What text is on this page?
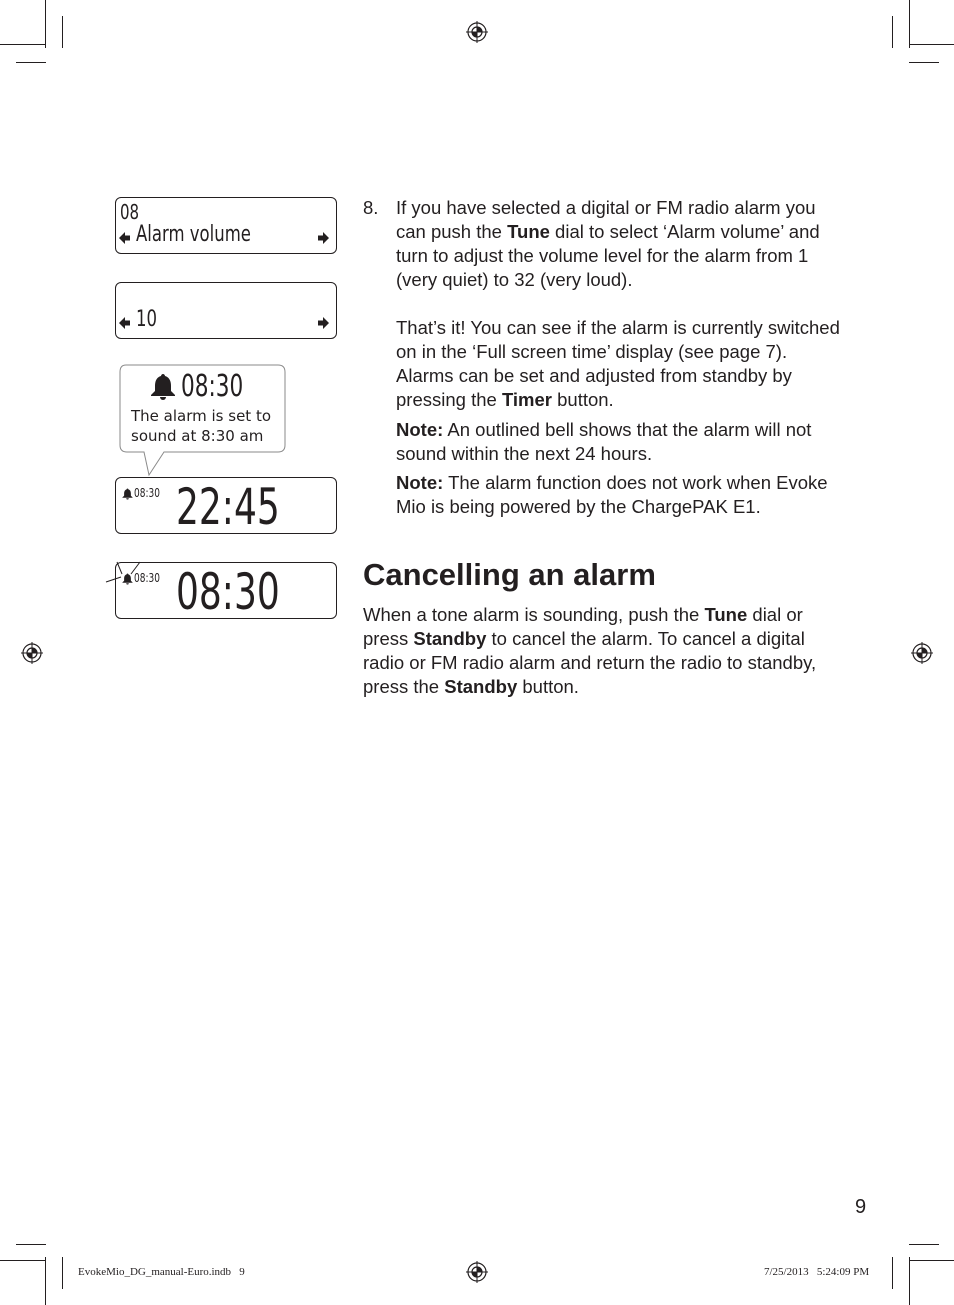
08
Alarm volume
10
08:30
The alarm is set to
sound at 8:30 am
08:30 22:45
08:30 08:30
8. If you have selected a digital or FM radio alarm you can push the Tune dial to select ‘Alarm volume’ and turn to adjust the volume level for the alarm from 1 (very quiet) to 32 (very loud).

That’s it! You can see if the alarm is currently switched on in the ‘Full screen time’ display (see page 7). Alarms can be set and adjusted from standby by pressing the Timer button.

Note: An outlined bell shows that the alarm will not sound within the next 24 hours.

Note: The alarm function does not work when Evoke Mio is being powered by the ChargePAK E1.

Cancelling an alarm
When a tone alarm is sounding, push the Tune dial or press Standby to cancel the alarm. To cancel a digital radio or FM radio alarm and return the radio to standby, press the Standby button.
9
EvokeMio_DG_manual-Euro.indb   9	7/25/2013   5:24:09 PM
